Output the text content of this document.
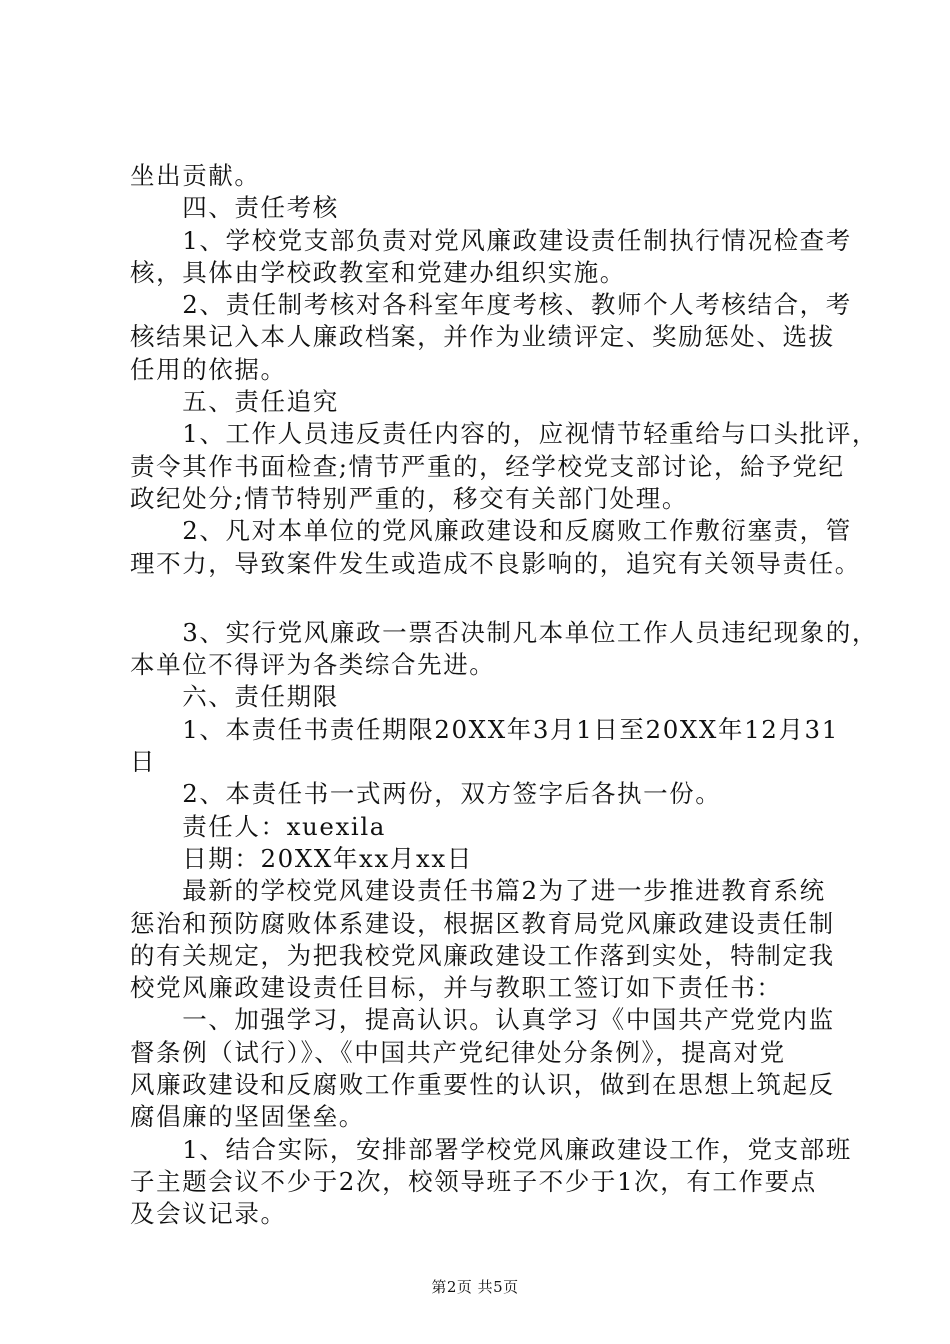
坐出贡献。
　　四、责任考核
　　1、学校党支部负责对党风廉政建设责任制执行情况检查考
核，具体由学校政教室和党建办组织实施。
　　2、责任制考核对各科室年度考核、教师个人考核结合，考
核结果记入本人廉政档案，并作为业绩评定、奖励惩处、选拔
任用的依据。
　　五、责任追究
　　1、工作人员违反责任内容的，应视情节轻重给与口头批评，
责令其作书面检查;情节严重的，经学校党支部讨论，給予党纪
政纪处分;情节特别严重的，移交有关部门处理。
　　2、凡对本单位的党风廉政建设和反腐败工作敷衍塞责，管
理不力，导致案件发生或造成不良影响的，追究有关领导责任。
　　3、实行党风廉政一票否决制凡本单位工作人员违纪现象的，
本单位不得评为各类综合先进。
　　六、责任期限
　　1、本责任书责任期限20XX年3月1日至20XX年12月31
日
　　2、本责任书一式两份，双方签字后各执一份。
　　责任人：xuexila
　　日期：20XX年xx月xx日
　　最新的学校党风建设责任书篇2为了进一步推进教育系统
惩治和预防腐败体系建设，根据区教育局党风廉政建设责任制
的有关规定，为把我校党风廉政建设工作落到实处，特制定我
校党风廉政建设责任目标，并与教职工签订如下责任书：
　　一、加强学习，提高认识。认真学习《中国共产党党内监
督条例（试行）》、《中国共产党纪律处分条例》，提高对党
风廉政建设和反腐败工作重要性的认识，做到在思想上筑起反
腐倡廉的坚固堡垒。
　　1、结合实际，安排部署学校党风廉政建设工作，党支部班
子主题会议不少于2次，校领导班子不少于1次，有工作要点
及会议记录。
第2页 共5页
